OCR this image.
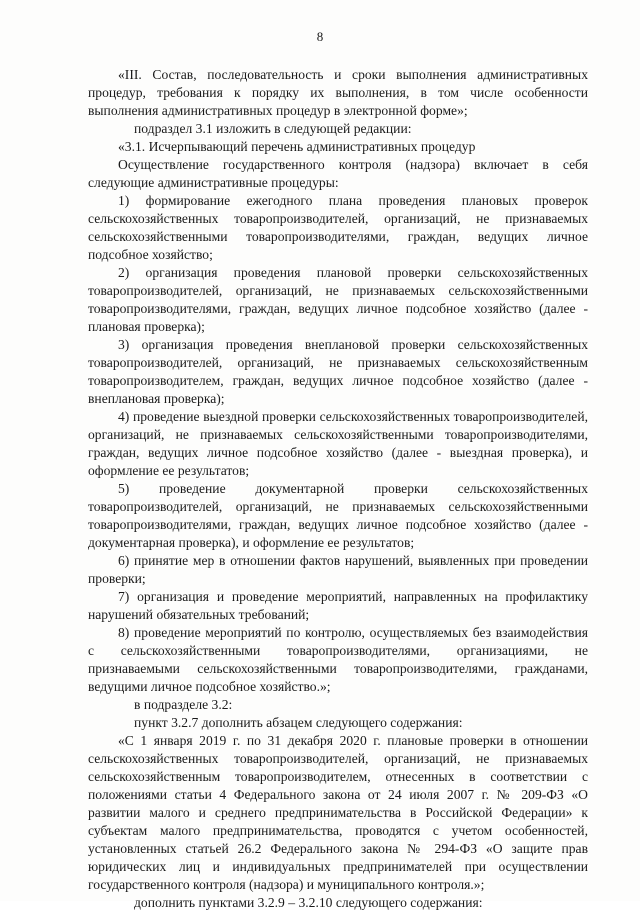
8

«III. Состав, последовательность и сроки выполнения административных процедур, требования к порядку их выполнения, в том числе особенности выполнения административных процедур в электронной форме»;

подраздел 3.1 изложить в следующей редакции:

«3.1. Исчерпывающий перечень административных процедур

Осуществление государственного контроля (надзора) включает в себя следующие административные процедуры:

1) формирование ежегодного плана проведения плановых проверок сельскохозяйственных товаропроизводителей, организаций, не признаваемых сельскохозяйственными товаропроизводителями, граждан, ведущих личное подсобное хозяйство;

2) организация проведения плановой проверки сельскохозяйственных товаропроизводителей, организаций, не признаваемых сельскохозяйственными товаропроизводителями, граждан, ведущих личное подсобное хозяйство (далее - плановая проверка);

3) организация проведения внеплановой проверки сельскохозяйственных товаропроизводителей, организаций, не признаваемых сельскохозяйственным товаропроизводителем, граждан, ведущих личное подсобное хозяйство (далее - внеплановая проверка);

4) проведение выездной проверки сельскохозяйственных товаропроизводителей, организаций, не признаваемых сельскохозяйственными товаропроизводителями, граждан, ведущих личное подсобное хозяйство (далее - выездная проверка), и оформление ее результатов;

5) проведение документарной проверки сельскохозяйственных товаропроизводителей, организаций, не признаваемых сельскохозяйственными товаропроизводителями, граждан, ведущих личное подсобное хозяйство (далее - документарная проверка), и оформление ее результатов;

6) принятие мер в отношении фактов нарушений, выявленных при проведении проверки;

7) организация и проведение мероприятий, направленных на профилактику нарушений обязательных требований;

8) проведение мероприятий по контролю, осуществляемых без взаимодействия с сельскохозяйственными товаропроизводителями, организациями, не признаваемыми сельскохозяйственными товаропроизводителями, гражданами, ведущими личное подсобное хозяйство.»;

в подразделе 3.2:

пункт 3.2.7 дополнить абзацем следующего содержания:

«С 1 января 2019 г. по 31 декабря 2020 г. плановые проверки в отношении сельскохозяйственных товаропроизводителей, организаций, не признаваемых сельскохозяйственным товаропроизводителем, отнесенных в соответствии с положениями статьи 4 Федерального закона от 24 июля 2007 г. № 209-ФЗ «О развитии малого и среднего предпринимательства в Российской Федерации» к субъектам малого предпринимательства, проводятся с учетом особенностей, установленных статьей 26.2 Федерального закона № 294-ФЗ «О защите прав юридических лиц и индивидуальных предпринимателей при осуществлении государственного контроля (надзора) и муниципального контроля.»;

дополнить пунктами 3.2.9 – 3.2.10 следующего содержания:
